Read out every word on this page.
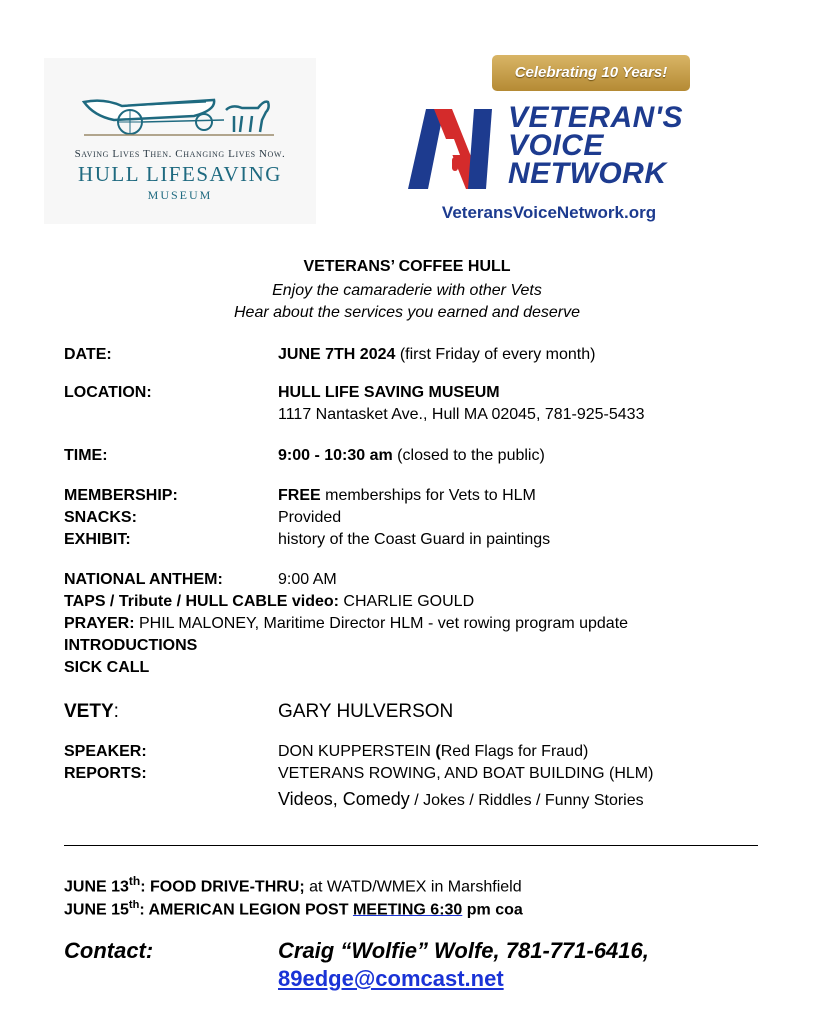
Saving Lives Then. Changing Lives Now.
HULL LIFESAVING
MUSEUM
Celebrating 10 Years!
VETERAN'S
VOICE
NETWORK
VeteransVoiceNetwork.org
VETERANS’ COFFEE HULL
Enjoy the camaraderie with other Vets
Hear about the services you earned and deserve
DATE:	JUNE 7TH 2024 (first Friday of every month)
LOCATION:	HULL LIFE SAVING MUSEUM
1117 Nantasket Ave., Hull MA 02045, 781-925-5433
TIME:	9:00 - 10:30 am (closed to the public)
MEMBERSHIP:	FREE memberships for Vets to HLM
SNACKS:	Provided
EXHIBIT:	history of the Coast Guard in paintings
NATIONAL ANTHEM:	9:00 AM
TAPS / Tribute / HULL CABLE video: CHARLIE GOULD
PRAYER: PHIL MALONEY, Maritime Director HLM - vet rowing program update
INTRODUCTIONS
SICK CALL
VETY:	GARY HULVERSON
SPEAKER:	DON KUPPERSTEIN (Red Flags for Fraud)
REPORTS:	VETERANS ROWING, AND BOAT BUILDING (HLM)
Videos, Comedy / Jokes / Riddles / Funny Stories
JUNE 13th: FOOD DRIVE-THRU; at WATD/WMEX in Marshfield
JUNE 15th: AMERICAN LEGION POST MEETING 6:30 pm coa
Contact:	Craig “Wolfie” Wolfe, 781-771-6416,
89edge@comcast.net
